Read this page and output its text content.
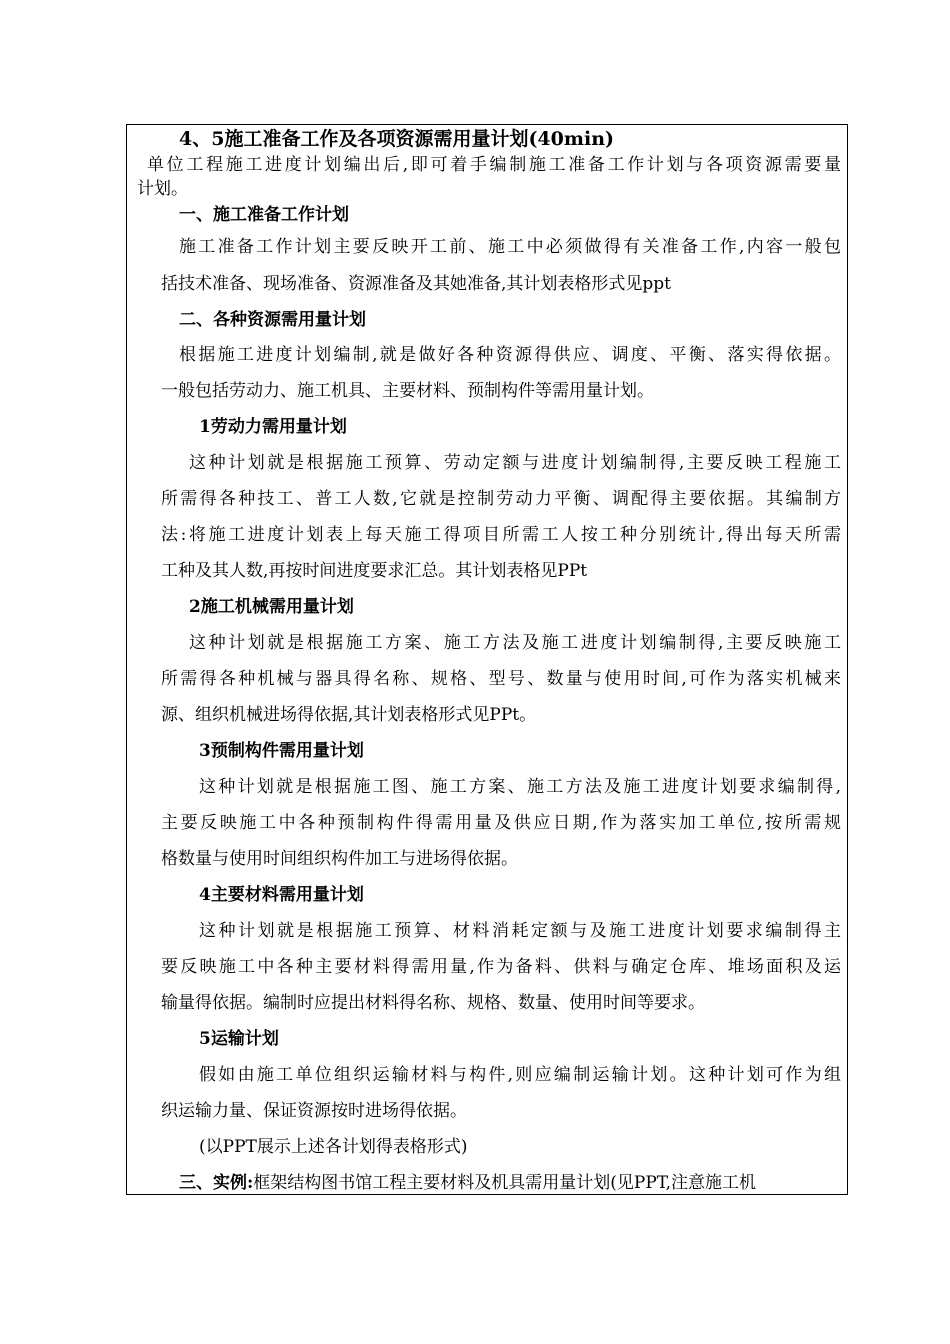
4、5施工准备工作及各项资源需用量计划(40min)
单位工程施工进度计划编出后,即可着手编制施工准备工作计划与各项资源需要量
计划。
一、施工准备工作计划
施工准备工作计划主要反映开工前、施工中必须做得有关准备工作,内容一般包
括技术准备、现场准备、资源准备及其她准备,其计划表格形式见ppt
二、各种资源需用量计划
根据施工进度计划编制,就是做好各种资源得供应、调度、平衡、落实得依据。
一般包括劳动力、施工机具、主要材料、预制构件等需用量计划。
1劳动力需用量计划
这种计划就是根据施工预算、劳动定额与进度计划编制得,主要反映工程施工
所需得各种技工、普工人数,它就是控制劳动力平衡、调配得主要依据。其编制方
法:将施工进度计划表上每天施工得项目所需工人按工种分别统计,得出每天所需
工种及其人数,再按时间进度要求汇总。其计划表格见PPt
2施工机械需用量计划
这种计划就是根据施工方案、施工方法及施工进度计划编制得,主要反映施工
所需得各种机械与器具得名称、规格、型号、数量与使用时间,可作为落实机械来
源、组织机械进场得依据,其计划表格形式见PPt。
3预制构件需用量计划
这种计划就是根据施工图、施工方案、施工方法及施工进度计划要求编制得,
主要反映施工中各种预制构件得需用量及供应日期,作为落实加工单位,按所需规
格数量与使用时间组织构件加工与进场得依据。
4主要材料需用量计划
这种计划就是根据施工预算、材料消耗定额与及施工进度计划要求编制得主
要反映施工中各种主要材料得需用量,作为备料、供料与确定仓库、堆场面积及运
输量得依据。编制时应提出材料得名称、规格、数量、使用时间等要求。
5运输计划
假如由施工单位组织运输材料与构件,则应编制运输计划。这种计划可作为组
织运输力量、保证资源按时进场得依据。
(以PPT展示上述各计划得表格形式)
三、实例:框架结构图书馆工程主要材料及机具需用量计划(见PPT,注意施工机
